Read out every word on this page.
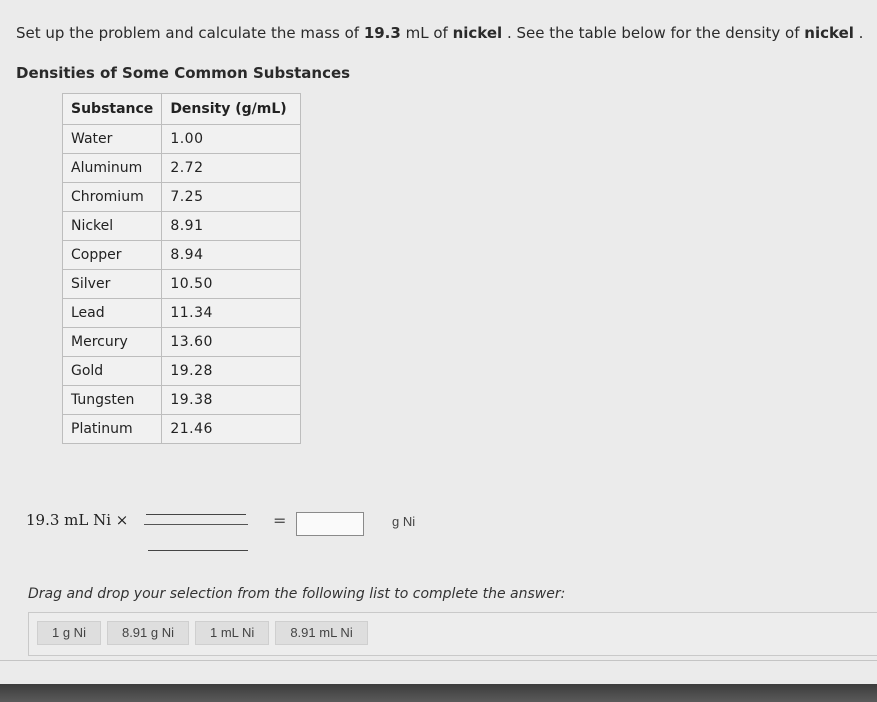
Set up the problem and calculate the mass of 19.3 mL of nickel . See the table below for the density of nickel .
Densities of Some Common Substances
Substance	Density (g/mL)
Water	1.00
Aluminum	2.72
Chromium	7.25
Nickel	8.91
Copper	8.94
Silver	10.50
Lead	11.34
Mercury	13.60
Gold	19.28
Tungsten	19.38
Platinum	21.46
19.3 mL Ni ×	=	g Ni
Drag and drop your selection from the following list to complete the answer:
1 g Ni	8.91 g Ni	1 mL Ni	8.91 mL Ni
